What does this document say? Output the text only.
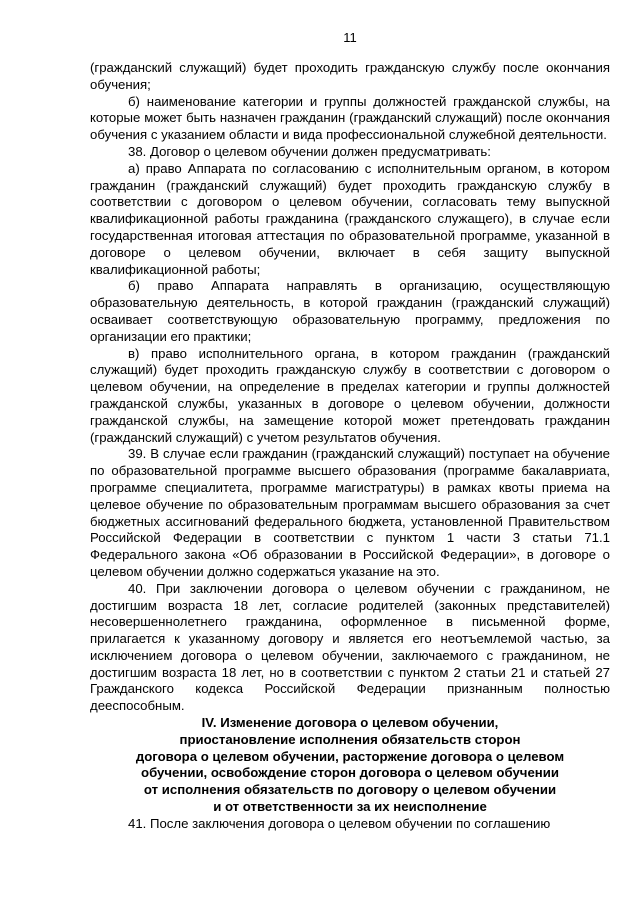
11

(гражданский служащий) будет проходить гражданскую службу после окончания обучения;

б) наименование категории и группы должностей гражданской службы, на которые может быть назначен гражданин (гражданский служащий) после окончания обучения с указанием области и вида профессиональной служебной деятельности.

38. Договор о целевом обучении должен предусматривать:

а) право Аппарата по согласованию с исполнительным органом, в котором гражданин (гражданский служащий) будет проходить гражданскую службу в соответствии с договором о целевом обучении, согласовать тему выпускной квалификационной работы гражданина (гражданского служащего), в случае если государственная итоговая аттестация по образовательной программе, указанной в договоре о целевом обучении, включает в себя защиту выпускной квалификационной работы;

б) право Аппарата направлять в организацию, осуществляющую образовательную деятельность, в которой гражданин (гражданский служащий) осваивает соответствующую образовательную программу, предложения по организации его практики;

в) право исполнительного органа, в котором гражданин (гражданский служащий) будет проходить гражданскую службу в соответствии с договором о целевом обучении, на определение в пределах категории и группы должностей гражданской службы, указанных в договоре о целевом обучении, должности гражданской службы, на замещение которой может претендовать гражданин (гражданский служащий) с учетом результатов обучения.

39. В случае если гражданин (гражданский служащий) поступает на обучение по образовательной программе высшего образования (программе бакалавриата, программе специалитета, программе магистратуры) в рамках квоты приема на целевое обучение по образовательным программам высшего образования за счет бюджетных ассигнований федерального бюджета, установленной Правительством Российской Федерации в соответствии с пунктом 1 части 3 статьи 71.1 Федерального закона «Об образовании в Российской Федерации», в договоре о целевом обучении должно содержаться указание на это.

40. При заключении договора о целевом обучении с гражданином, не достигшим возраста 18 лет, согласие родителей (законных представителей) несовершеннолетнего гражданина, оформленное в письменной форме, прилагается к указанному договору и является его неотъемлемой частью, за исключением договора о целевом обучении, заключаемого с гражданином, не достигшим возраста 18 лет, но в соответствии с пунктом 2 статьи 21 и статьей 27 Гражданского кодекса Российской Федерации признанным полностью дееспособным.

IV. Изменение договора о целевом обучении,
приостановление исполнения обязательств сторон
договора о целевом обучении, расторжение договора о целевом
обучении, освобождение сторон договора о целевом обучении
от исполнения обязательств по договору о целевом обучении
и от ответственности за их неисполнение

41. После заключения договора о целевом обучении по соглашению
